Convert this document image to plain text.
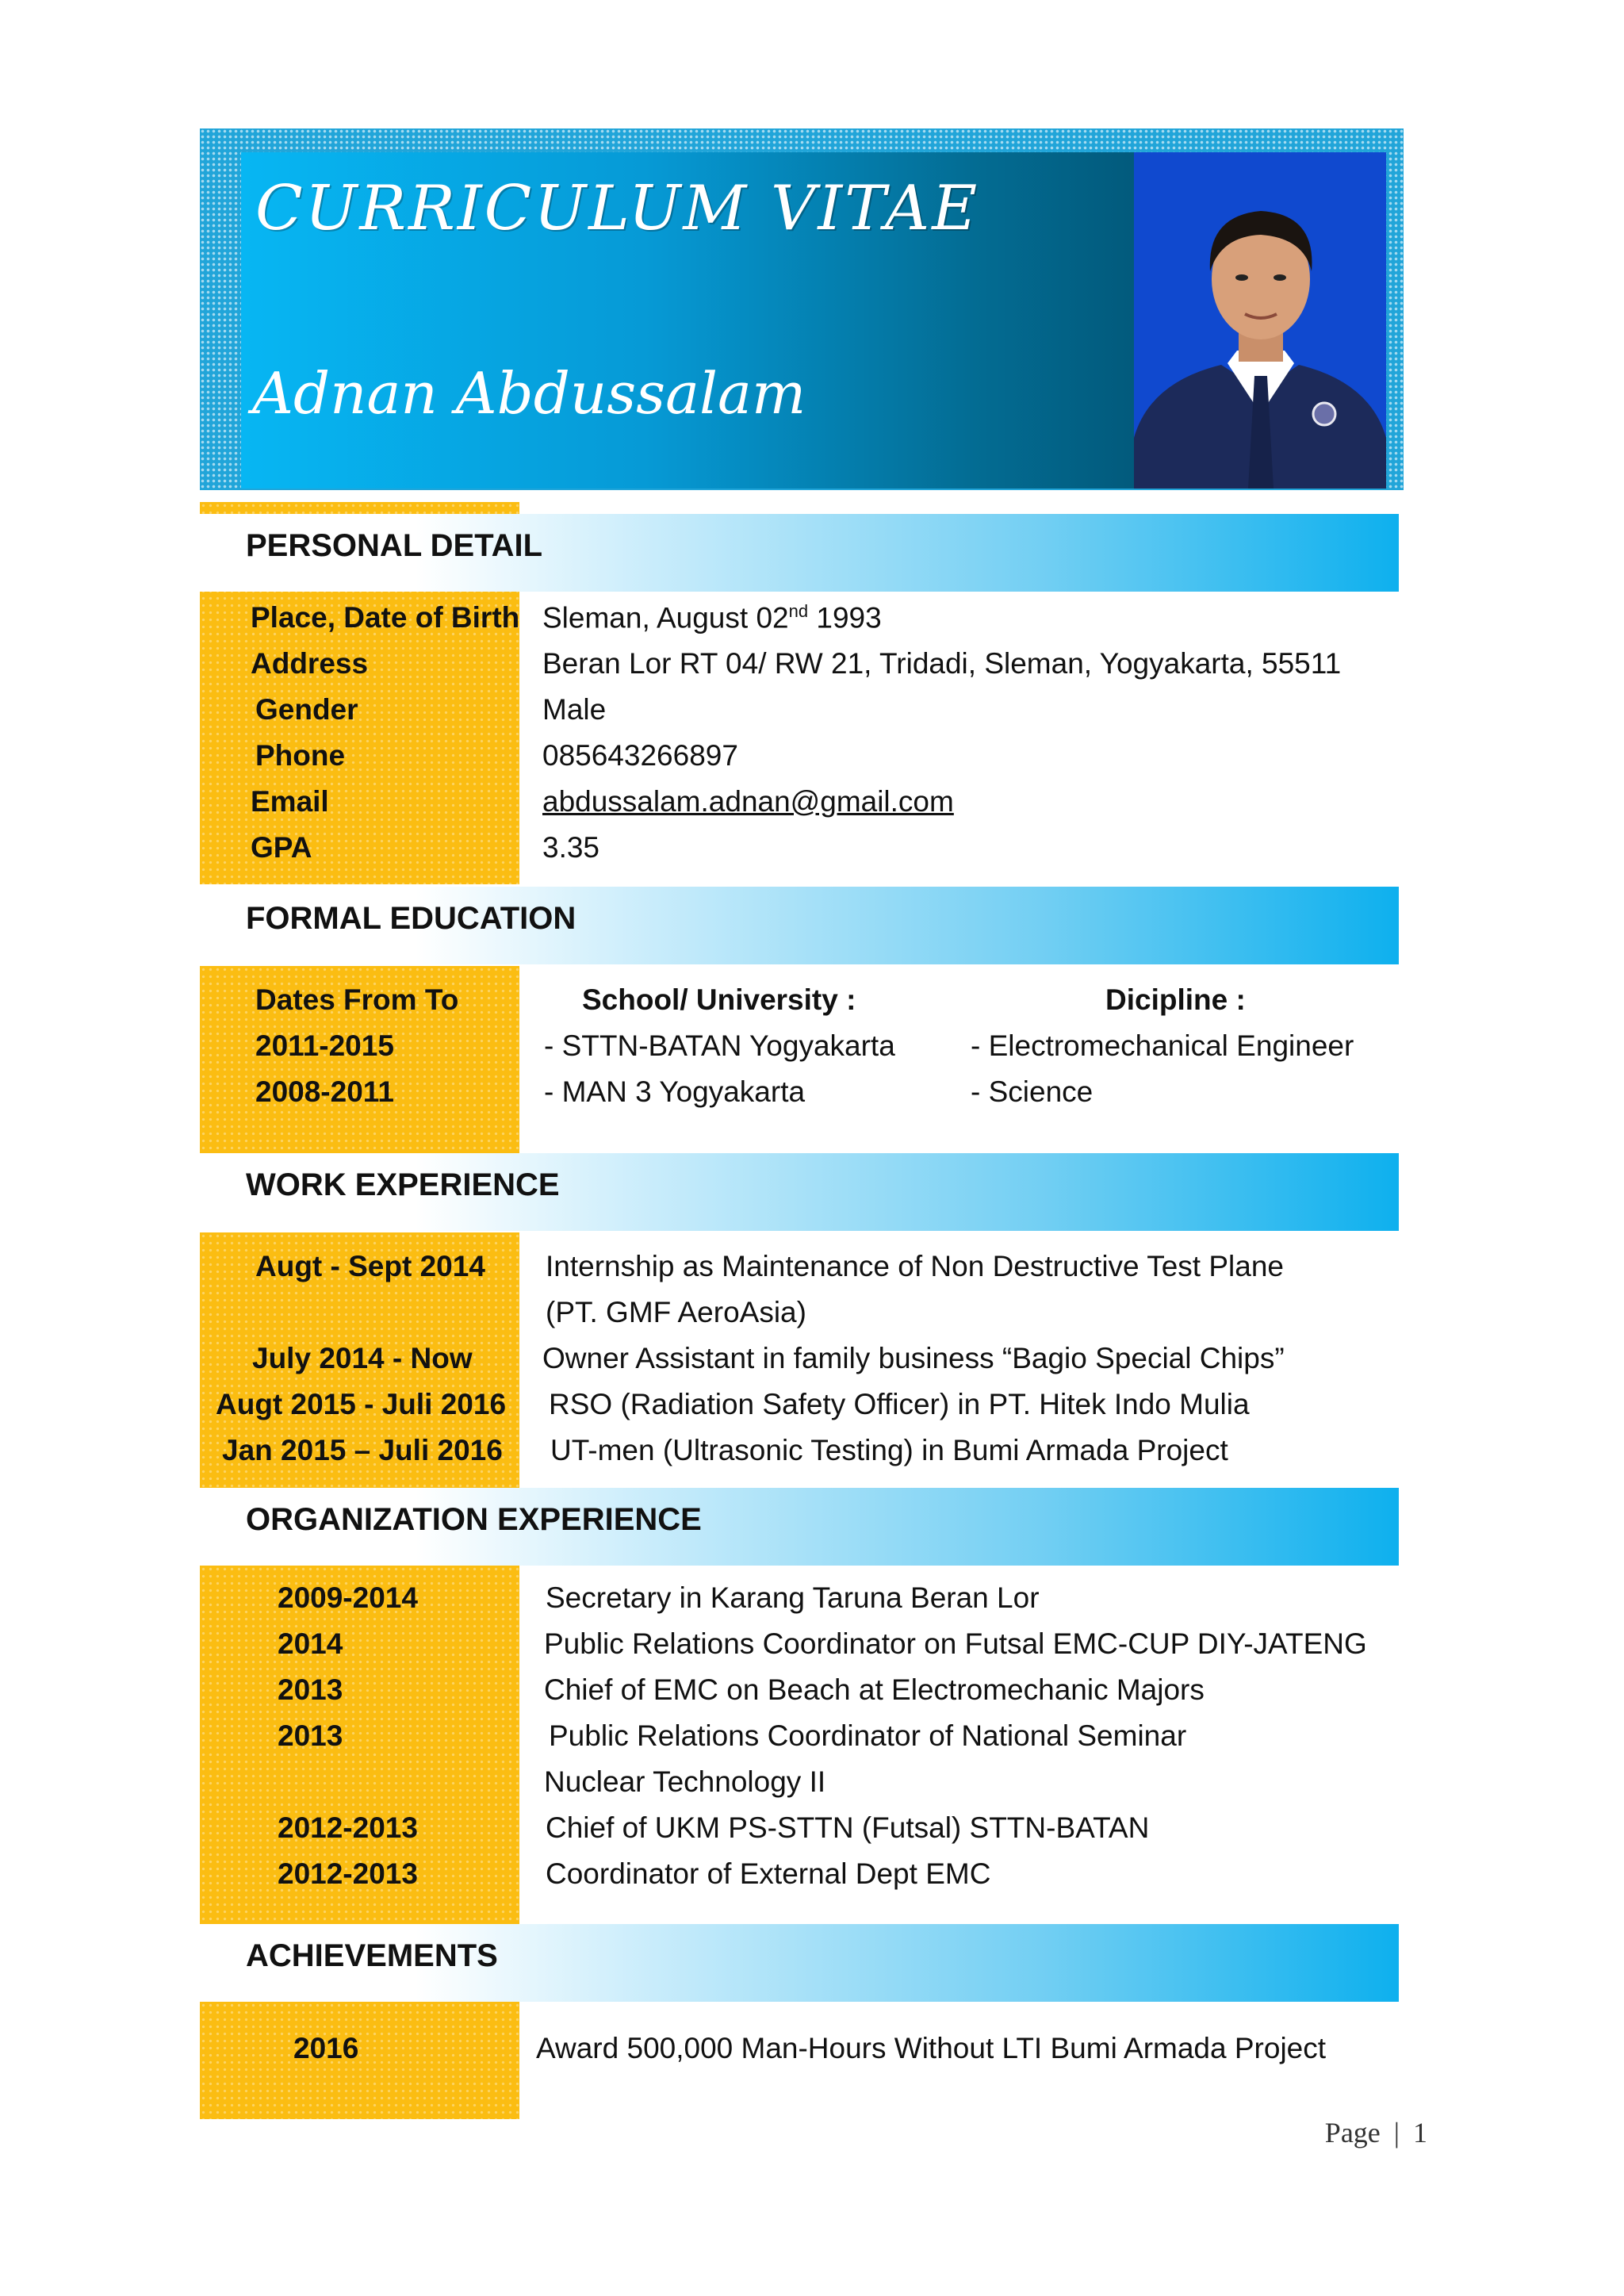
CURRICULUM VITAE
Adnan Abdussalam
PERSONAL DETAIL
Place, Date of Birth Sleman, August 02nd 1993
Address	Beran Lor RT 04/ RW 21, Tridadi, Sleman, Yogyakarta, 55511
Gender	Male
Phone	085643266897
Email	abdussalam.adnan@gmail.com
GPA	3.35
FORMAL EDUCATION
Dates From To	School/ University :	Dicipline :
2011-2015	- STTN-BATAN Yogyakarta	- Electromechanical Engineer
2008-2011	- MAN 3 Yogyakarta	- Science
WORK EXPERIENCE
Augt - Sept 2014 Internship as Maintenance of Non Destructive Test Plane
(PT. GMF AeroAsia)
July 2014 - Now Owner Assistant in family business “Bagio Special Chips”
Augt 2015 - Juli 2016 RSO (Radiation Safety Officer) in PT. Hitek Indo Mulia
Jan 2015 – Juli 2016 UT-men (Ultrasonic Testing) in Bumi Armada Project
ORGANIZATION EXPERIENCE
2009-2014	Secretary in Karang Taruna Beran Lor
2014	Public Relations Coordinator on Futsal EMC-CUP DIY-JATENG
2013	Chief of EMC on Beach at Electromechanic Majors
2013	Public Relations Coordinator of National Seminar
Nuclear Technology II
2012-2013	Chief of UKM PS-STTN (Futsal) STTN-BATAN
2012-2013	Coordinator of External Dept EMC
ACHIEVEMENTS
2016	Award 500,000 Man-Hours Without LTI Bumi Armada Project
Page | 1
